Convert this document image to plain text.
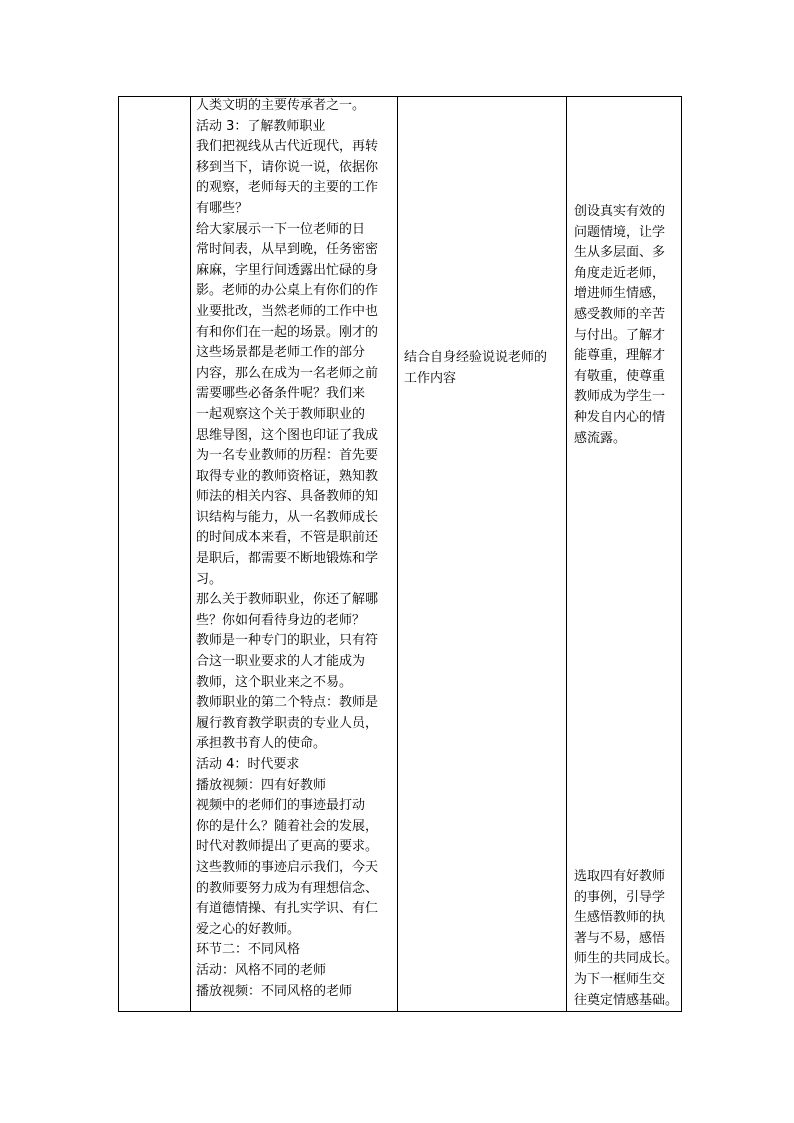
人类文明的主要传承者之一。
活动 3：了解教师职业
我们把视线从古代近现代，再转
移到当下，请你说一说，依据你
的观察，老师每天的主要的工作
有哪些？
给大家展示一下一位老师的日
常时间表，从早到晚，任务密密
麻麻，字里行间透露出忙碌的身
影。老师的办公桌上有你们的作
业要批改，当然老师的工作中也
有和你们在一起的场景。刚才的
这些场景都是老师工作的部分
内容，那么在成为一名老师之前
需要哪些必备条件呢？我们来
一起观察这个关于教师职业的
思维导图，这个图也印证了我成
为一名专业教师的历程：首先要
取得专业的教师资格证，熟知教
师法的相关内容、具备教师的知
识结构与能力，从一名教师成长
的时间成本来看，不管是职前还
是职后，都需要不断地锻炼和学
习。
那么关于教师职业，你还了解哪
些？你如何看待身边的老师？
教师是一种专门的职业，只有符
合这一职业要求的人才能成为
教师，这个职业来之不易。
教师职业的第二个特点：教师是
履行教育教学职责的专业人员，
承担教书育人的使命。
活动 4：时代要求
播放视频：四有好教师
视频中的老师们的事迹最打动
你的是什么？随着社会的发展，
时代对教师提出了更高的要求。
这些教师的事迹启示我们，今天
的教师要努力成为有理想信念、
有道德情操、有扎实学识、有仁
爱之心的好教师。
环节二：不同风格
活动：风格不同的老师
播放视频：不同风格的老师
结合自身经验说说老师的
工作内容
创设真实有效的
问题情境，让学
生从多层面、多
角度走近老师，
增进师生情感，
感受教师的辛苦
与付出。了解才
能尊重，理解才
有敬重，使尊重
教师成为学生一
种发自内心的情
感流露。
选取四有好教师
的事例，引导学
生感悟教师的执
著与不易，感悟
师生的共同成长。
为下一框师生交
往奠定情感基础。
